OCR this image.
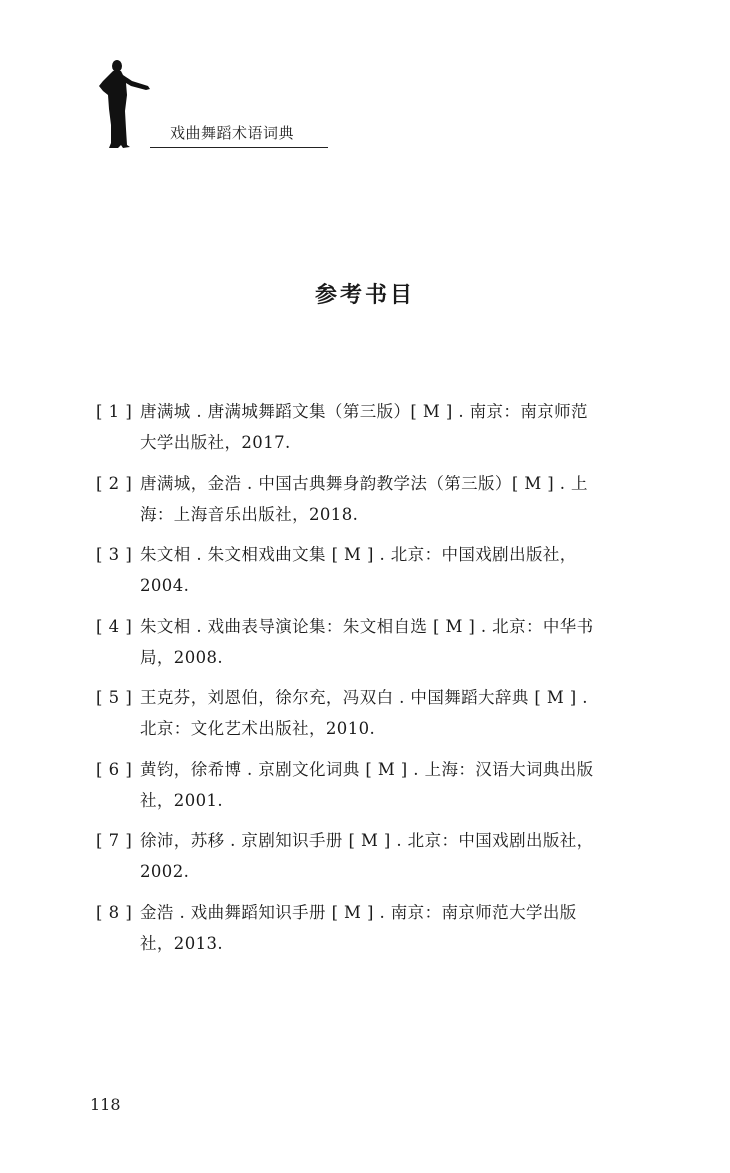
戏曲舞蹈术语词典
参考书目
[ 1 ] 唐满城 . 唐满城舞蹈文集（第三版）[ M ] . 南京：南京师范大学出版社，2017.
[ 2 ] 唐满城，金浩 . 中国古典舞身韵教学法（第三版）[ M ] . 上海：上海音乐出版社，2018.
[ 3 ] 朱文相 . 朱文相戏曲文集 [ M ] . 北京：中国戏剧出版社，2004.
[ 4 ] 朱文相 . 戏曲表导演论集：朱文相自选 [ M ] . 北京：中华书局，2008.
[ 5 ] 王克芬，刘恩伯，徐尔充，冯双白 . 中国舞蹈大辞典 [ M ] . 北京：文化艺术出版社，2010.
[ 6 ] 黄钧，徐希博 . 京剧文化词典 [ M ] . 上海：汉语大词典出版社，2001.
[ 7 ] 徐沛，苏移 . 京剧知识手册 [ M ] . 北京：中国戏剧出版社，2002.
[ 8 ] 金浩 . 戏曲舞蹈知识手册 [ M ] . 南京：南京师范大学出版社，2013.
118
